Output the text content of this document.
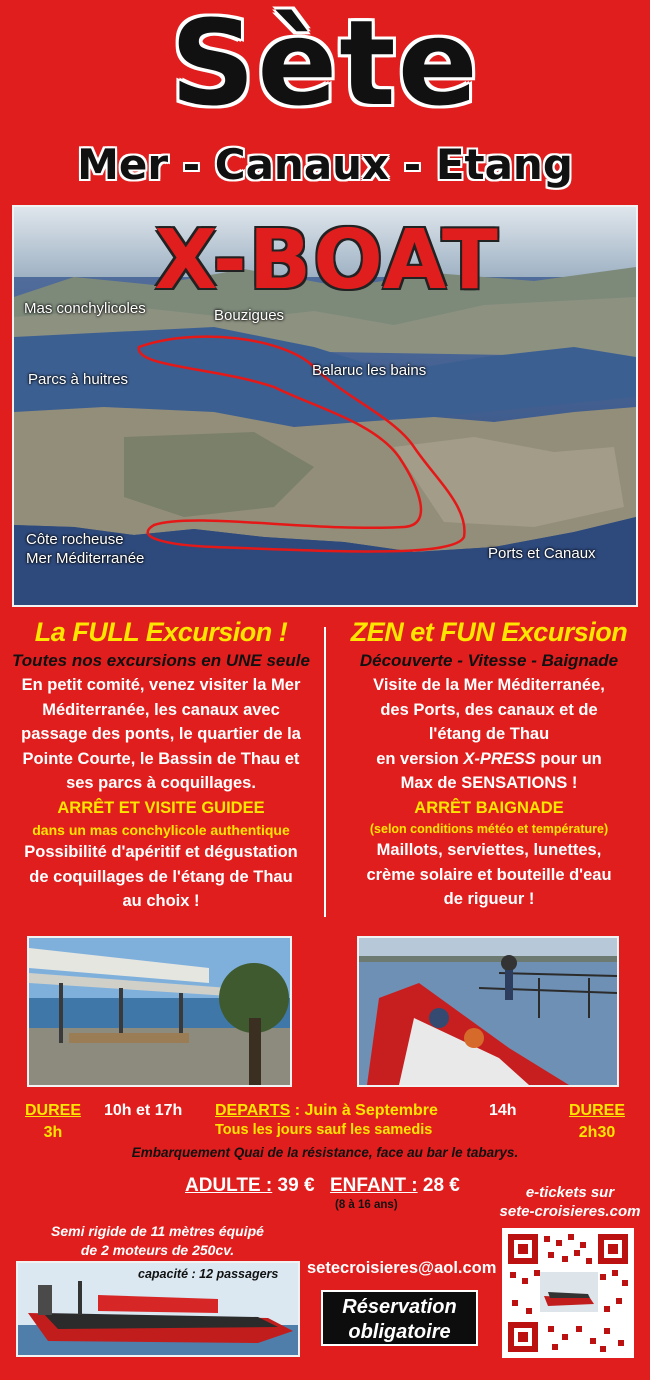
Sète
Mer - Canaux - Etang
X-BOAT
Mas conchylicoles	Bouzigues
Parcs à huitres
Balaruc les bains
Côte rocheuse
Mer Méditerranée	Ports et Canaux
La FULL Excursion !
Toutes nos excursions en UNE seule
En petit comité, venez visiter la Mer
Méditerranée, les canaux avec
passage des ponts, le quartier de la
Pointe Courte, le Bassin de Thau et
ses parcs à coquillages.
ARRÊT ET VISITE GUIDEE
dans un mas conchylicole authentique
Possibilité d'apéritif et dégustation
de coquillages de l'étang de Thau
au choix !
ZEN et FUN Excursion
Découverte - Vitesse - Baignade
Visite de la Mer Méditerranée,
des Ports, des canaux et de
l'étang de Thau
en version X-PRESS pour un
Max de SENSATIONS !
ARRÊT BAIGNADE
(selon conditions météo et température)
Maillots, serviettes, lunettes,
crème solaire et bouteille d'eau
de rigueur !
DUREE
3h
10h et 17h DEPARTS : Juin à Septembre
Tous les jours sauf les samedis
14h	DUREE
2h30
Embarquement Quai de la résistance, face au bar le tabarys.
ADULTE : 39 € ENFANT : 28 €
(8 à 16 ans)
Semi rigide de 11 mètres équipé
de 2 moteurs de 250cv.
capacité : 12 passagers setecroisieres@aol.com
e-tickets sur
sete-croisieres.com
Réservation
obligatoire
